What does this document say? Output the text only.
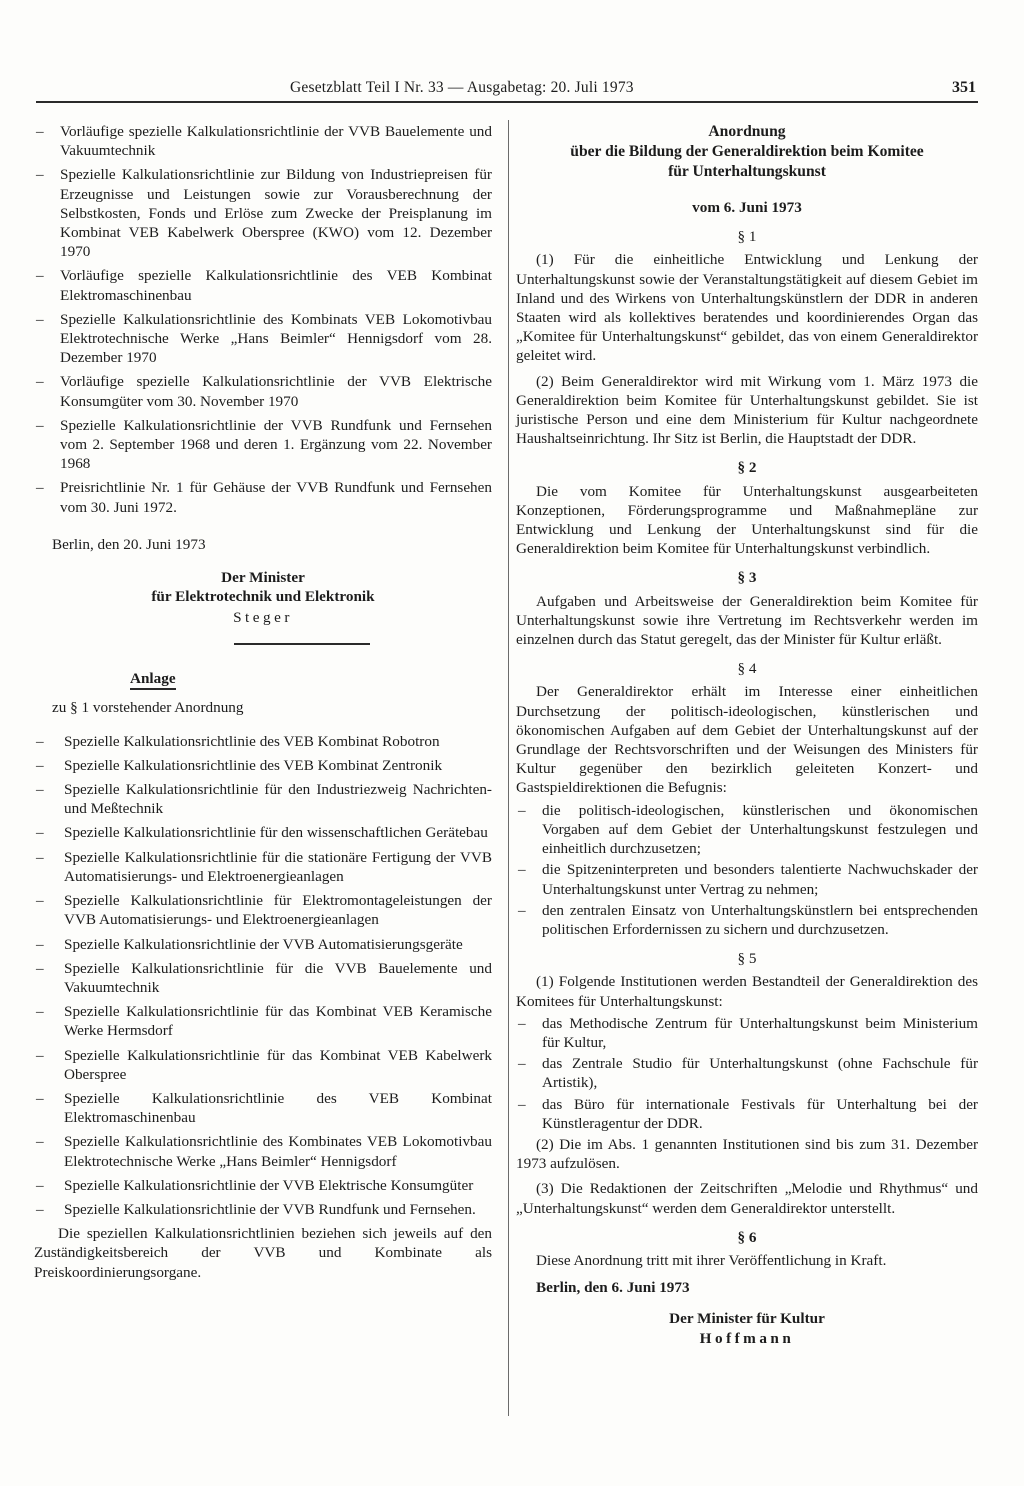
Gesetzblatt Teil I Nr. 33 — Ausgabetag: 20. Juli 1973	351
– Vorläufige spezielle Kalkulationsrichtlinie der VVB Bauelemente und Vakuumtechnik
– Spezielle Kalkulationsrichtlinie zur Bildung von Industriepreisen für Erzeugnisse und Leistungen sowie zur Vorausberechnung der Selbstkosten, Fonds und Erlöse zum Zwecke der Preisplanung im Kombinat VEB Kabelwerk Oberspree (KWO) vom 12. Dezember 1970
– Vorläufige spezielle Kalkulationsrichtlinie des VEB Kombinat Elektromaschinenbau
– Spezielle Kalkulationsrichtlinie des Kombinats VEB Lokomotivbau Elektrotechnische Werke „Hans Beimler“ Hennigsdorf vom 28. Dezember 1970
– Vorläufige spezielle Kalkulationsrichtlinie der VVB Elektrische Konsumgüter vom 30. November 1970
– Spezielle Kalkulationsrichtlinie der VVB Rundfunk und Fernsehen vom 2. September 1968 und deren 1. Ergänzung vom 22. November 1968
– Preisrichtlinie Nr. 1 für Gehäuse der VVB Rundfunk und Fernsehen vom 30. Juni 1972.
Berlin, den 20. Juni 1973
Der Minister
für Elektrotechnik und Elektronik
Steger
Anlage
zu § 1 vorstehender Anordnung
– Spezielle Kalkulationsrichtlinie des VEB Kombinat Robotron
– Spezielle Kalkulationsrichtlinie des VEB Kombinat Zentronik
– Spezielle Kalkulationsrichtlinie für den Industriezweig Nachrichten- und Meßtechnik
– Spezielle Kalkulationsrichtlinie für den wissenschaftlichen Gerätebau
– Spezielle Kalkulationsrichtlinie für die stationäre Fertigung der VVB Automatisierungs- und Elektroenergieanlagen
– Spezielle Kalkulationsrichtlinie für Elektromontageleistungen der VVB Automatisierungs- und Elektroenergieanlagen
– Spezielle Kalkulationsrichtlinie der VVB Automatisierungsgeräte
– Spezielle Kalkulationsrichtlinie für die VVB Bauelemente und Vakuumtechnik
– Spezielle Kalkulationsrichtlinie für das Kombinat VEB Keramische Werke Hermsdorf
– Spezielle Kalkulationsrichtlinie für das Kombinat VEB Kabelwerk Oberspree
– Spezielle Kalkulationsrichtlinie des VEB Kombinat Elektromaschinenbau
– Spezielle Kalkulationsrichtlinie des Kombinates VEB Lokomotivbau Elektrotechnische Werke „Hans Beimler“ Hennigsdorf
– Spezielle Kalkulationsrichtlinie der VVB Elektrische Konsumgüter
– Spezielle Kalkulationsrichtlinie der VVB Rundfunk und Fernsehen.
Die speziellen Kalkulationsrichtlinien beziehen sich jeweils auf den Zuständigkeitsbereich der VVB und Kombinate als Preiskoordinierungsorgane.
Anordnung
über die Bildung der Generaldirektion beim Komitee
für Unterhaltungskunst
vom 6. Juni 1973
§ 1

(1) Für die einheitliche Entwicklung und Lenkung der Unterhaltungskunst sowie der Veranstaltungstätigkeit auf diesem Gebiet im Inland und des Wirkens von Unterhaltungskünstlern der DDR in anderen Staaten wird als kollektives beratendes und koordinierendes Organ das „Komitee für Unterhaltungskunst“ gebildet, das von einem Generaldirektor geleitet wird.

(2) Beim Generaldirektor wird mit Wirkung vom 1. März 1973 die Generaldirektion beim Komitee für Unterhaltungskunst gebildet. Sie ist juristische Person und eine dem Ministerium für Kultur nachgeordnete Haushaltseinrichtung. Ihr Sitz ist Berlin, die Hauptstadt der DDR.

§ 2

Die vom Komitee für Unterhaltungskunst ausgearbeiteten Konzeptionen, Förderungsprogramme und Maßnahmepläne zur Entwicklung und Lenkung der Unterhaltungskunst sind für die Generaldirektion beim Komitee für Unterhaltungskunst verbindlich.

§ 3

Aufgaben und Arbeitsweise der Generaldirektion beim Komitee für Unterhaltungskunst sowie ihre Vertretung im Rechtsverkehr werden im einzelnen durch das Statut geregelt, das der Minister für Kultur erläßt.

§ 4

Der Generaldirektor erhält im Interesse einer einheitlichen Durchsetzung der politisch-ideologischen, künstlerischen und ökonomischen Aufgaben auf dem Gebiet der Unterhaltungskunst auf der Grundlage der Rechtsvorschriften und der Weisungen des Ministers für Kultur gegenüber den bezirklich geleiteten Konzert- und Gastspieldirektionen die Befugnis:

– die politisch-ideologischen, künstlerischen und ökonomischen Vorgaben auf dem Gebiet der Unterhaltungskunst festzulegen und einheitlich durchzusetzen;
– die Spitzeninterpreten und besonders talentierte Nachwuchskader der Unterhaltungskunst unter Vertrag zu nehmen;
– den zentralen Einsatz von Unterhaltungskünstlern bei entsprechenden politischen Erfordernissen zu sichern und durchzusetzen.
§ 5

(1) Folgende Institutionen werden Bestandteil der Generaldirektion des Komitees für Unterhaltungskunst:

– das Methodische Zentrum für Unterhaltungskunst beim Ministerium für Kultur,
– das Zentrale Studio für Unterhaltungskunst (ohne Fachschule für Artistik),
– das Büro für internationale Festivals für Unterhaltung bei der Künstleragentur der DDR.

(2) Die im Abs. 1 genannten Institutionen sind bis zum 31. Dezember 1973 aufzulösen.

(3) Die Redaktionen der Zeitschriften „Melodie und Rhythmus“ und „Unterhaltungskunst“ werden dem Generaldirektor unterstellt.

§ 6

Diese Anordnung tritt mit ihrer Veröffentlichung in Kraft.

Berlin, den 6. Juni 1973
Der Minister für Kultur
Hoffmann
